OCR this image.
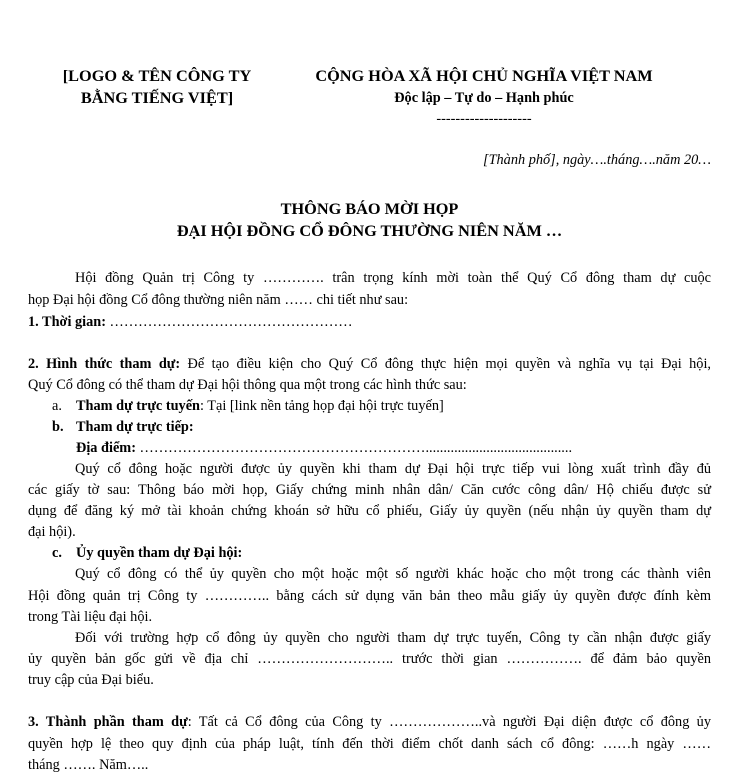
[LOGO & TÊN CÔNG TY
BẰNG TIẾNG VIỆT]
CỘNG HÒA XÃ HỘI CHỦ NGHĨA VIỆT NAM
Độc lập – Tự do – Hạnh phúc
--------------------
[Thành phố], ngày….tháng….năm 20…
THÔNG BÁO MỜI HỌP
ĐẠI HỘI ĐỒNG CỔ ĐÔNG THƯỜNG NIÊN NĂM …
Hội đồng Quản trị Công ty …………. trân trọng kính mời toàn thể Quý Cổ đông tham dự cuộc
họp Đại hội đồng Cổ đông thường niên năm …… chi tiết như sau:
1. Thời gian: ……………………………………………
2. Hình thức tham dự: Để tạo điều kiện cho Quý Cổ đông thực hiện mọi quyền và nghĩa vụ tại Đại hội,
Quý Cổ đông có thể tham dự Đại hội thông qua một trong các hình thức sau:
a. Tham dự trực tuyến: Tại [link nền tảng họp đại hội trực tuyến]
b. Tham dự trực tiếp:
Địa điểm: …………………………………………………….........................................
Quý cổ đông hoặc người được ủy quyền khi tham dự Đại hội trực tiếp vui lòng xuất trình đầy đủ
các giấy tờ sau: Thông báo mời họp, Giấy chứng minh nhân dân/ Căn cước công dân/ Hộ chiếu được sử
dụng để đăng ký mở tài khoản chứng khoán sở hữu cổ phiếu, Giấy ủy quyền (nếu nhận ủy quyền tham dự
đại hội).
c. Ủy quyền tham dự Đại hội:
Quý cổ đông có thể ủy quyền cho một hoặc một số người khác hoặc cho một trong các thành viên
Hội đồng quản trị Công ty ………….. bằng cách sử dụng văn bản theo mẫu giấy ủy quyền được đính kèm
trong Tài liệu đại hội.
Đối với trường hợp cổ đông ủy quyền cho người tham dự trực tuyến, Công ty cần nhận được giấy
ủy quyền bản gốc gửi về địa chỉ ……………………….. trước thời gian ……………. để đảm bảo quyền
truy cập của Đại biểu.
3. Thành phần tham dự: Tất cả Cổ đông của Công ty ………………..và người Đại diện được cổ đông ủy
quyền hợp lệ theo quy định của pháp luật, tính đến thời điểm chốt danh sách cổ đông: ……h ngày ……
tháng ……. Năm…..
